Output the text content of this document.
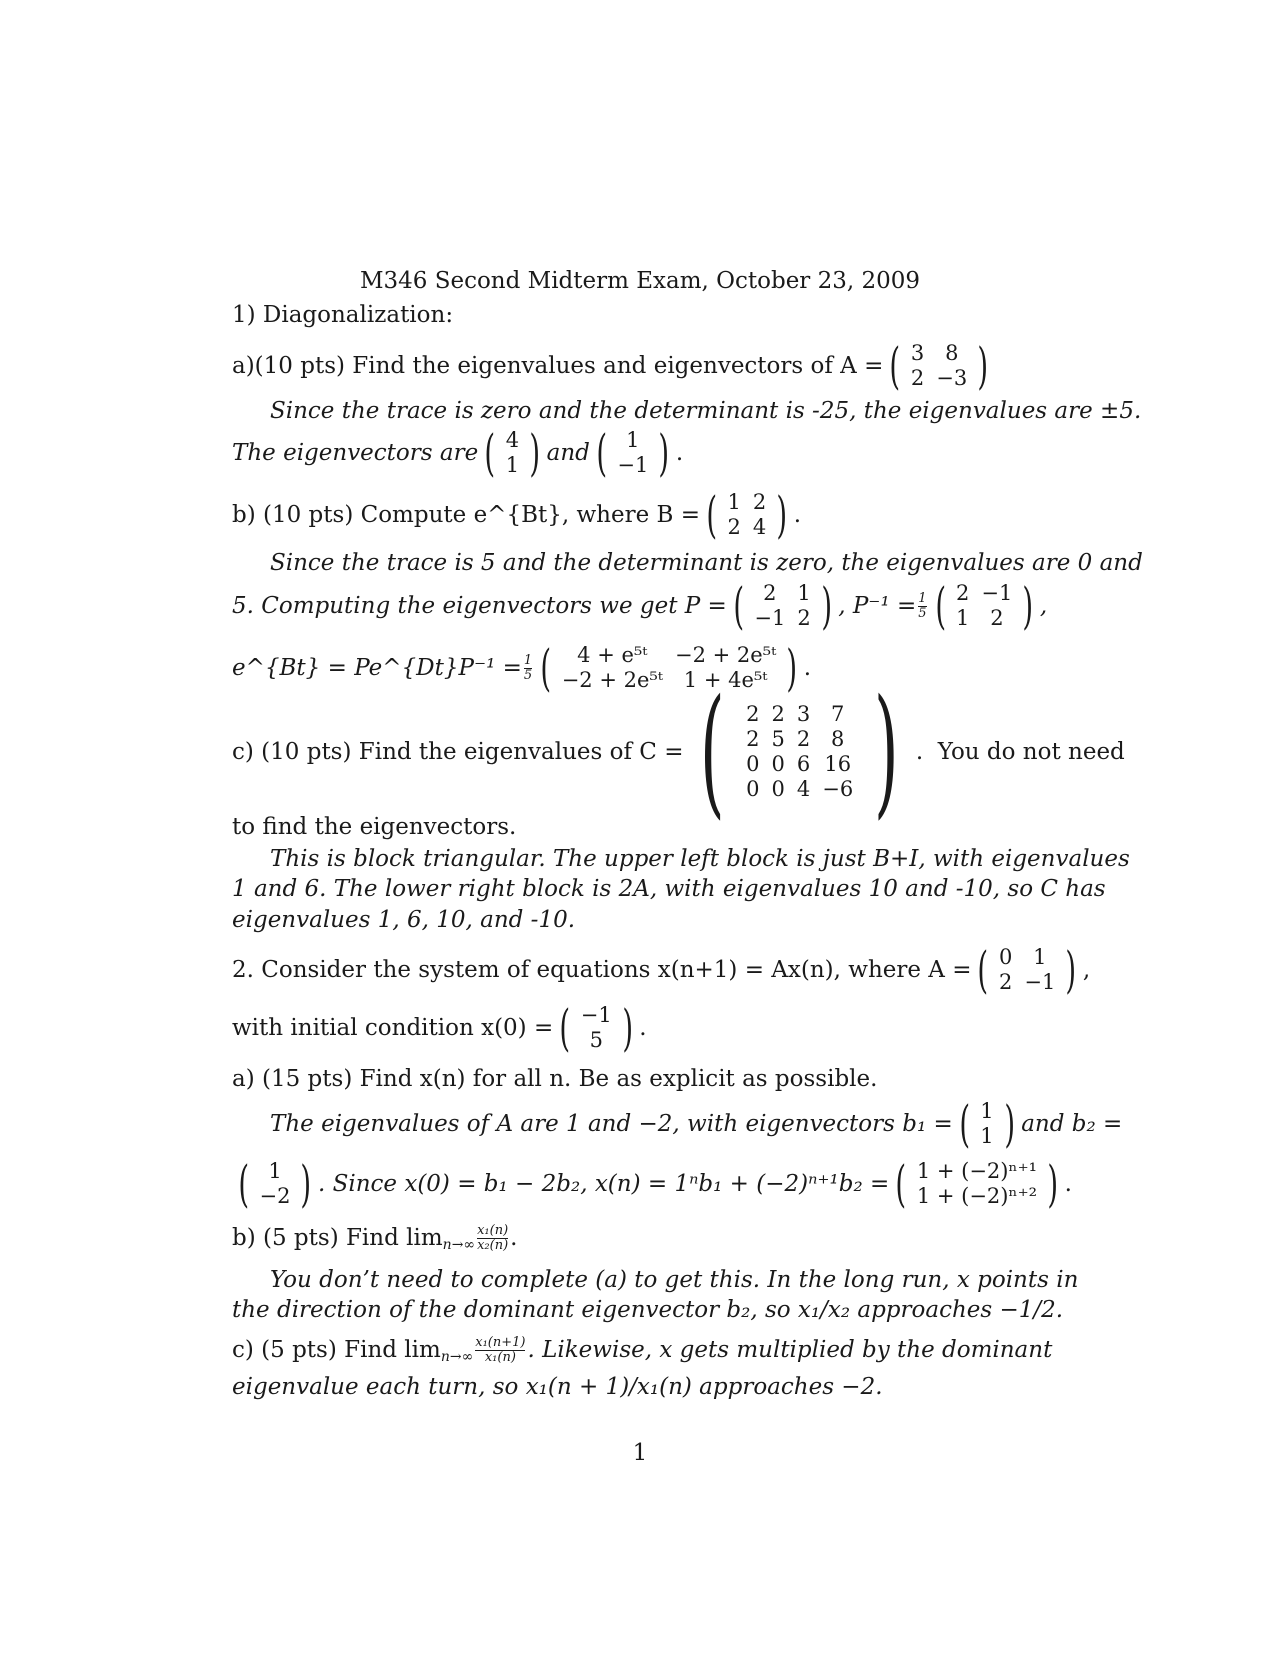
M346 Second Midterm Exam, October 23, 2009
1) Diagonalization:
a)(10 pts) Find the eigenvalues and eigenvectors of A = ( 3	8
2	−3 )
Since the trace is zero and the determinant is -25, the eigenvalues are ±5.
The eigenvectors are ( 4
1 ) and ( 1
−1 ) .
b) (10 pts) Compute e^{Bt}, where B = ( 1	2
2	4 ) .
Since the trace is 5 and the determinant is zero, the eigenvalues are 0 and
5. Computing the eigenvectors we get P = ( 2	1
−1	2 ) , $P^{-1} = \frac{1}{5}$ ( 2	−1
1	2 ) ,
e^{Bt} = Pe^{Dt}P⁻¹ = $\frac{1}{5}$ ( 4 + e⁵ᵗ	−2 + 2e⁵ᵗ
−2 + 2e⁵ᵗ	1 + 4e⁵ᵗ ) .
c) (10 pts) Find the eigenvalues of C = ( 2	2	3	7
2	5	2	8
0	0	6	16
0	0	4	−6 ) . You do not need
to find the eigenvectors.
This is block triangular. The upper left block is just B+I, with eigenvalues
1 and 6. The lower right block is 2A, with eigenvalues 10 and -10, so C has
eigenvalues 1, 6, 10, and -10.
2. Consider the system of equations x(n+1) = Ax(n), where A = ( 0	1
2	−1 ) ,
with initial condition x(0) = ( −1
5 ) .
a) (15 pts) Find x(n) for all n. Be as explicit as possible.
The eigenvalues of A are 1 and −2, with eigenvectors b₁ = ( 1
1 ) and b₂ =
( 1
−2 ) . Since x(0) = b₁ − 2b₂, x(n) = 1ⁿb₁ + (−2)ⁿ⁺¹b₂ = ( 1 + (−2)ⁿ⁺¹
1 + (−2)ⁿ⁺² ) .
b) (5 pts) Find $\lim n\to\infty \frac{\text{x₁(n)}}{\text{x₂(n)}}$ .
You don’t need to complete (a) to get this. In the long run, x points in
the direction of the dominant eigenvector b₂, so x₁/x₂ approaches −1/2.
c) (5 pts) Find $\lim n\to\infty \frac{\text{x₁(n+1)}}{\text{x₁(n)}}$ . Likewise, x gets multiplied by the dominant
eigenvalue each turn, so x₁(n + 1)/x₁(n) approaches −2.
1
